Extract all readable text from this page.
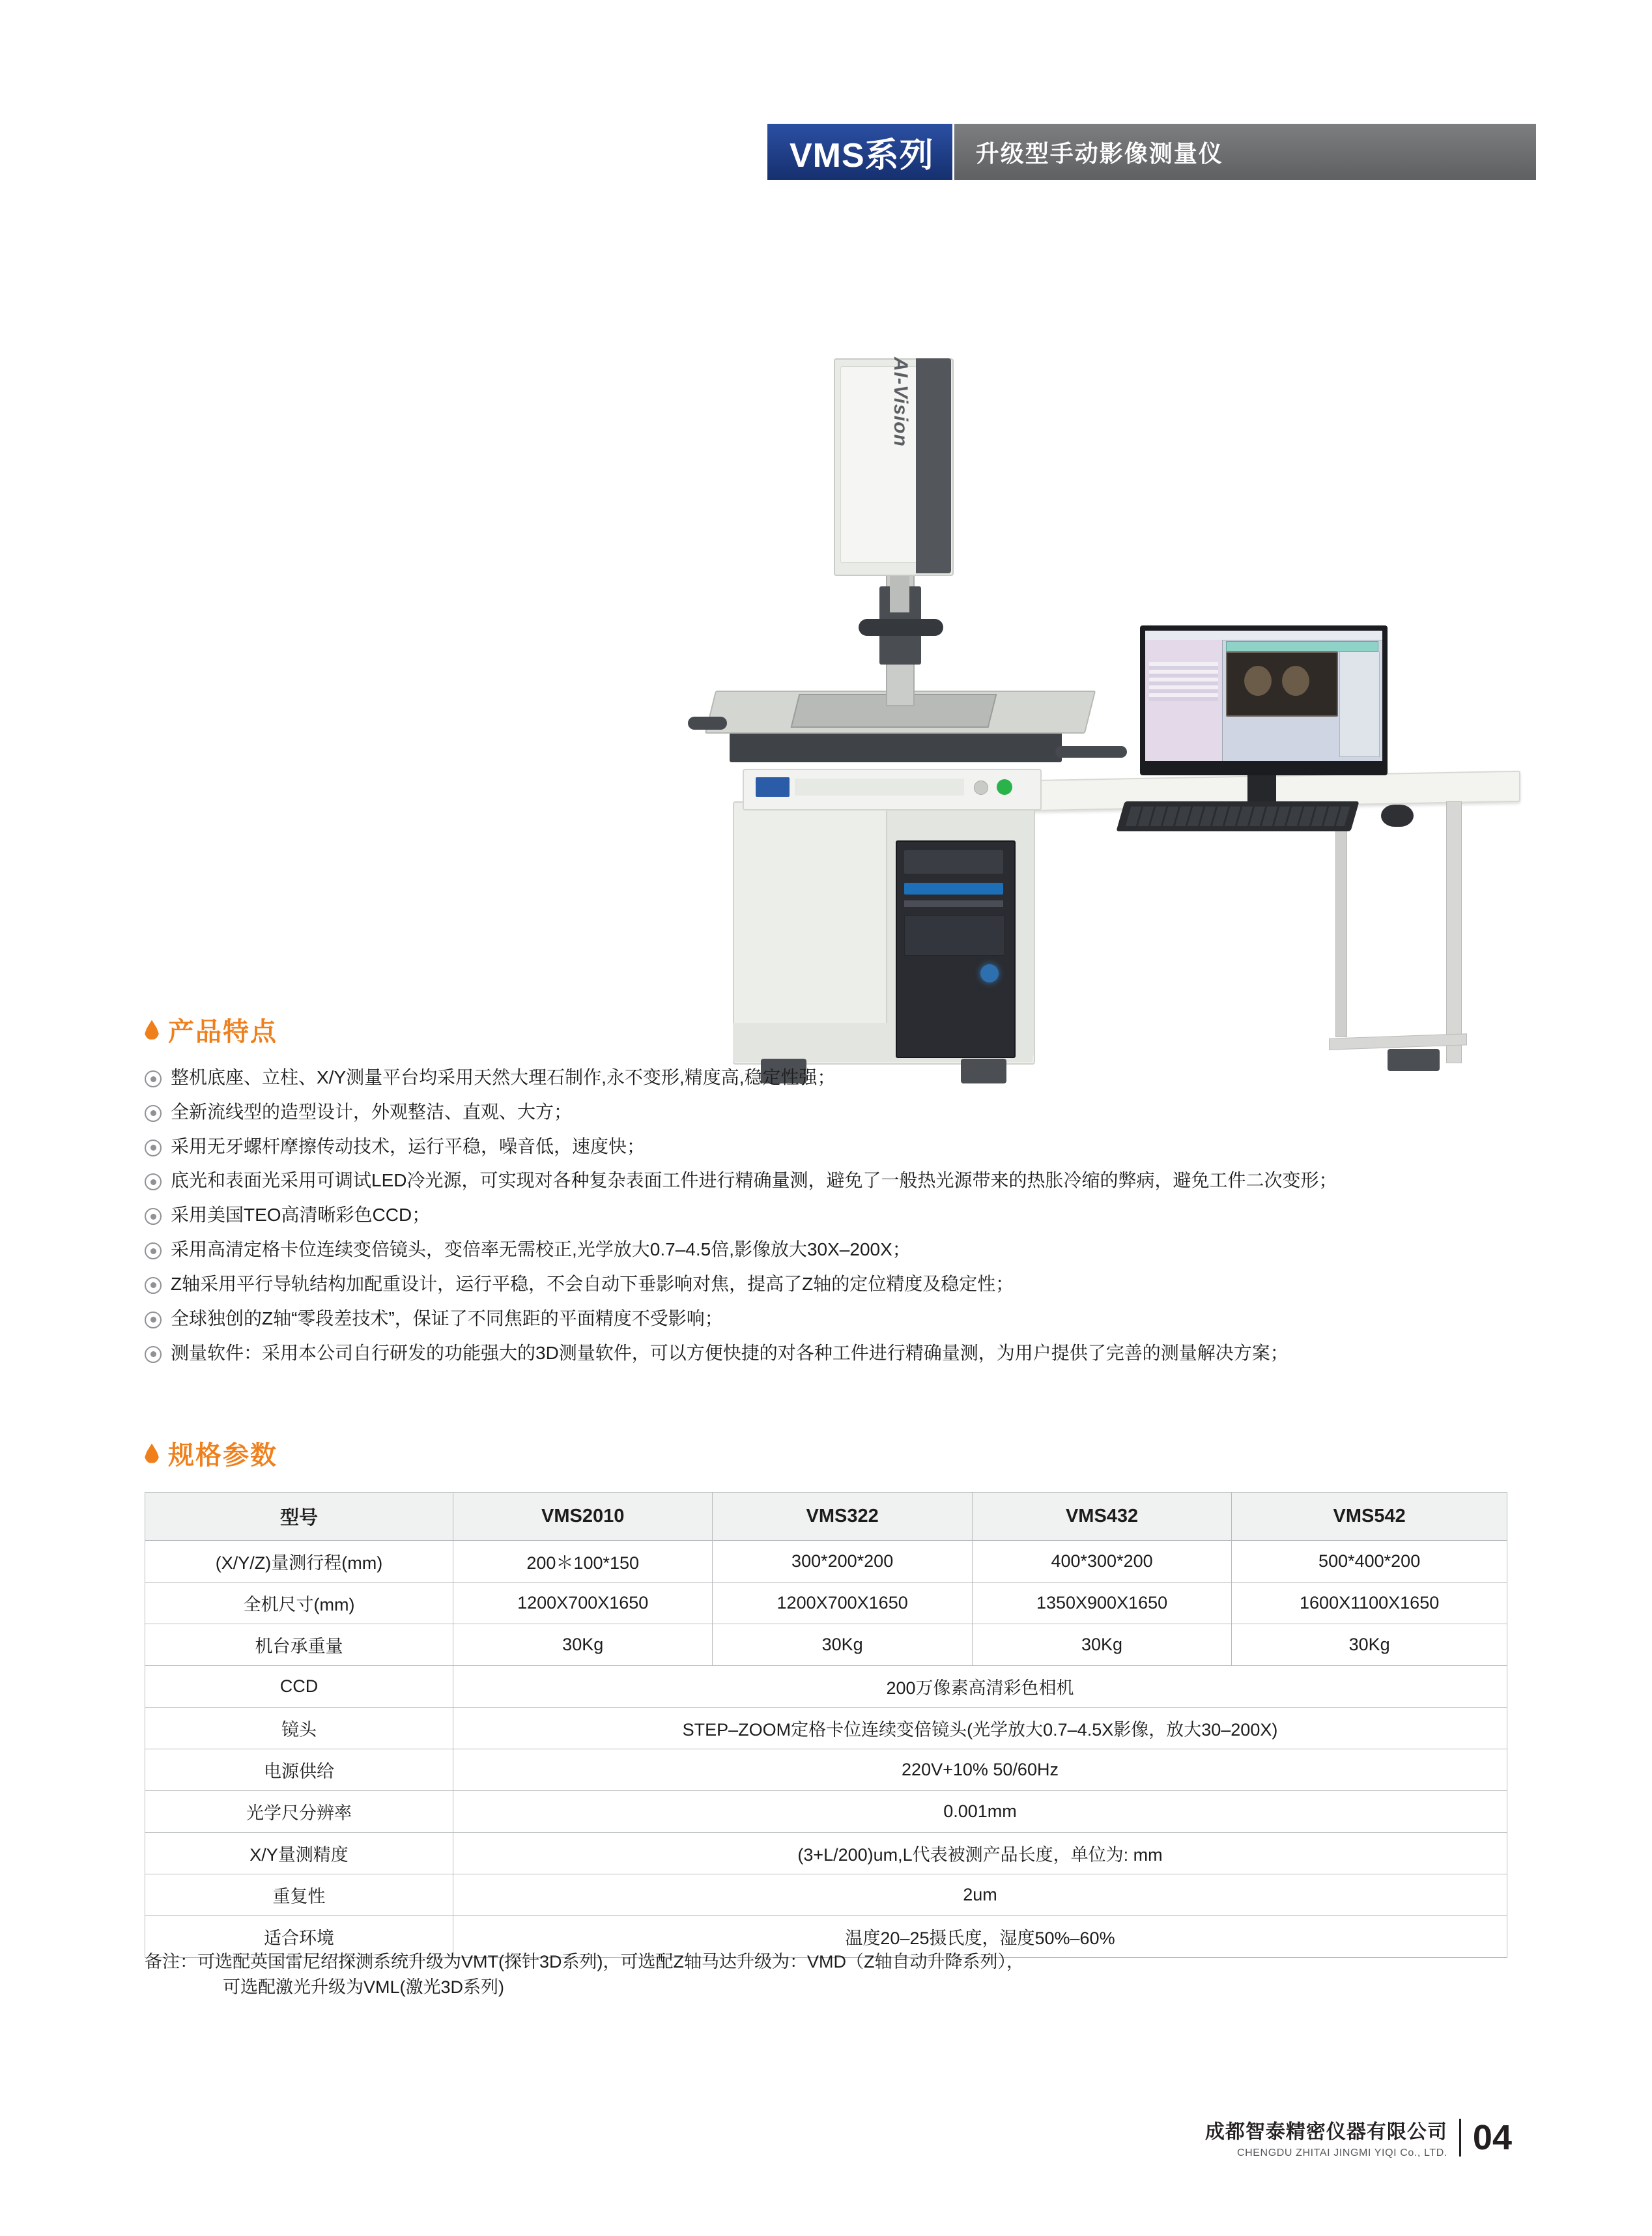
VMS系列	升级型手动影像测量仪
AI-Vision
产品特点
整机底座、立柱、X/Y测量平台均采用天然大理石制作,永不变形,精度高,稳定性强；
全新流线型的造型设计，外观整洁、直观、大方；
采用无牙螺杆摩擦传动技术，运行平稳，噪音低，速度快；
底光和表面光采用可调试LED冷光源，可实现对各种复杂表面工件进行精确量测，避免了一般热光源带来的热胀冷缩的弊病，避免工件二次变形；
采用美国TEO高清晰彩色CCD；
采用高清定格卡位连续变倍镜头，变倍率无需校正,光学放大0.7–4.5倍,影像放大30X–200X；
Z轴采用平行导轨结构加配重设计，运行平稳，不会自动下垂影响对焦，提高了Z轴的定位精度及稳定性；
全球独创的Z轴“零段差技术”，保证了不同焦距的平面精度不受影响；
测量软件：采用本公司自行研发的功能强大的3D测量软件，可以方便快捷的对各种工件进行精确量测，为用户提供了完善的测量解决方案；
规格参数
型号	VMS2010	VMS322	VMS432	VMS542
(X/Y/Z)量测行程(mm)	200＊100*150	300*200*200	400*300*200	500*400*200
全机尺寸(mm)	1200X700X1650	1200X700X1650	1350X900X1650	1600X1100X1650
机台承重量	30Kg	30Kg	30Kg	30Kg
CCD	200万像素高清彩色相机			
镜头	STEP–ZOOM定格卡位连续变倍镜头(光学放大0.7–4.5X影像，放大30–200X)			
电源供给	220V+10% 50/60Hz			
光学尺分辨率	0.001mm			
X/Y量测精度	(3+L/200)um,L代表被测产品长度，单位为: mm			
重复性	2um			
适合环境	温度20–25摄氏度，湿度50%–60%			
备注：可选配英国雷尼绍探测系统升级为VMT(探针3D系列)，可选配Z轴马达升级为：VMD（Z轴自动升降系列），
可选配激光升级为VML(激光3D系列)
成都智泰精密仪器有限公司
CHENGDU ZHITAI JINGMI YIQI Co., LTD. 04
